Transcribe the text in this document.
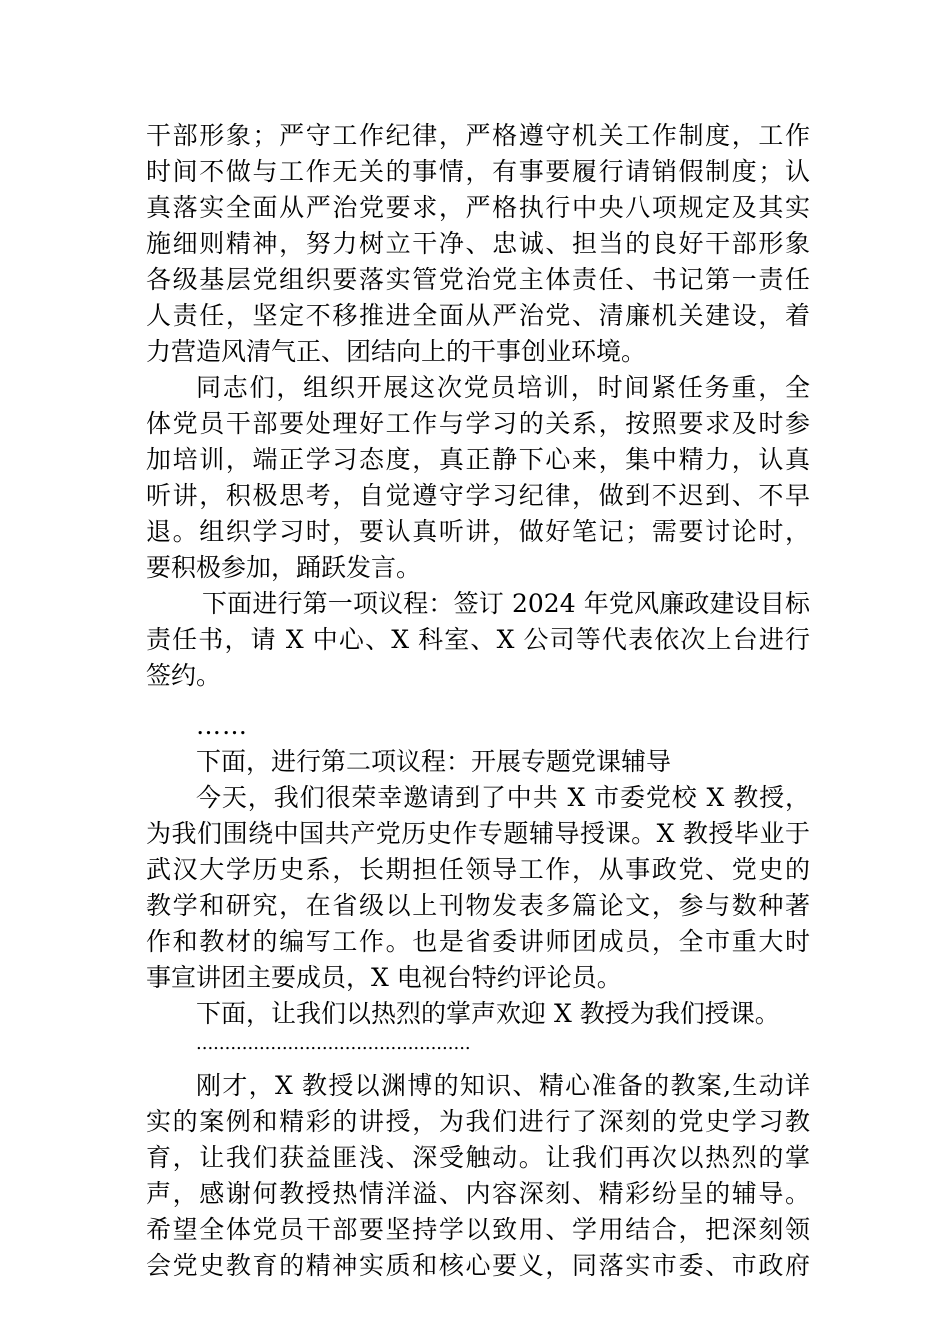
干部形象；严守工作纪律，严格遵守机关工作制度，工作
时间不做与工作无关的事情，有事要履行请销假制度；认
真落实全面从严治党要求，严格执行中央八项规定及其实
施细则精神，努力树立干净、忠诚、担当的良好干部形象
各级基层党组织要落实管党治党主体责任、书记第一责任
人责任，坚定不移推进全面从严治党、清廉机关建设，着
力营造风清气正、团结向上的干事创业环境。
同志们，组织开展这次党员培训，时间紧任务重，全
体党员干部要处理好工作与学习的关系，按照要求及时参
加培训，端正学习态度，真正静下心来，集中精力，认真
听讲，积极思考，自觉遵守学习纪律，做到不迟到、不早
退。组织学习时，要认真听讲，做好笔记；需要讨论时，
要积极参加，踊跃发言。
下面进行第一项议程：签订 2024 年党风廉政建设目标
责任书，请 X 中心、X 科室、X 公司等代表依次上台进行
签约。
……
下面，进行第二项议程：开展专题党课辅导
今天，我们很荣幸邀请到了中共 X 市委党校 X 教授，
为我们围绕中国共产党历史作专题辅导授课。X 教授毕业于
武汉大学历史系，长期担任领导工作，从事政党、党史的
教学和研究，在省级以上刊物发表多篇论文，参与数种著
作和教材的编写工作。也是省委讲师团成员，全市重大时
事宣讲团主要成员，X 电视台特约评论员。
下面，让我们以热烈的掌声欢迎 X 教授为我们授课。
................................................
刚才，X 教授以渊博的知识、精心准备的教案,生动详
实的案例和精彩的讲授，为我们进行了深刻的党史学习教
育，让我们获益匪浅、深受触动。让我们再次以热烈的掌
声，感谢何教授热情洋溢、内容深刻、精彩纷呈的辅导。
希望全体党员干部要坚持学以致用、学用结合，把深刻领
会党史教育的精神实质和核心要义，同落实市委、市政府
